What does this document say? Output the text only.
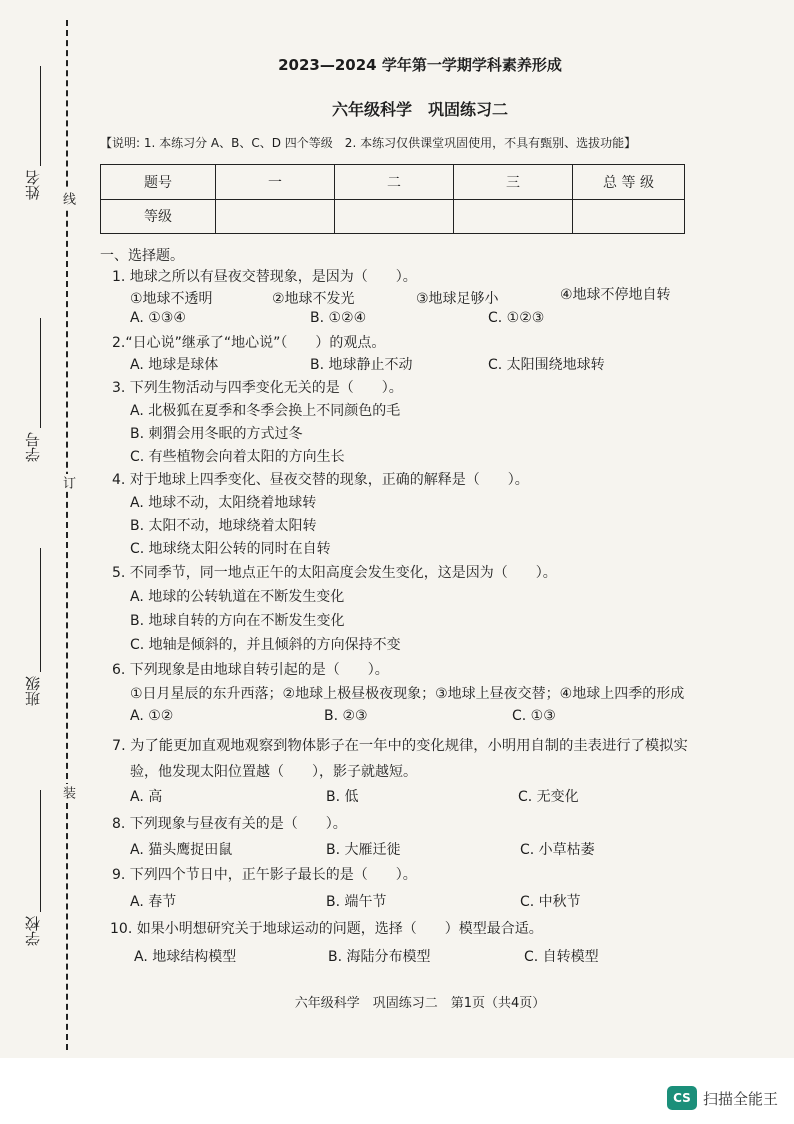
线
订
装
姓名
学号
班级
学校
2023—2024 学年第一学期学科素养形成
六年级科学　巩固练习二
【说明: 1. 本练习分 A、B、C、D 四个等级　2. 本练习仅供课堂巩固使用，不具有甄别、选拔功能】
题号	一	二	三	总 等 级
等级				
一、选择题。
1. 地球之所以有昼夜交替现象，是因为（　　）。
①地球不透明	②地球不发光	③地球足够小	④地球不停地自转
A. ①③④	B. ①②④	C. ①②③
2.“日心说”继承了“地心说”（　　）的观点。
A. 地球是球体	B. 地球静止不动	C. 太阳围绕地球转
3. 下列生物活动与四季变化无关的是（　　）。
A. 北极狐在夏季和冬季会换上不同颜色的毛
B. 刺猬会用冬眠的方式过冬
C. 有些植物会向着太阳的方向生长
4. 对于地球上四季变化、昼夜交替的现象，正确的解释是（　　）。
A. 地球不动，太阳绕着地球转
B. 太阳不动，地球绕着太阳转
C. 地球绕太阳公转的同时在自转
5. 不同季节，同一地点正午的太阳高度会发生变化，这是因为（　　）。
A. 地球的公转轨道在不断发生变化
B. 地球自转的方向在不断发生变化
C. 地轴是倾斜的，并且倾斜的方向保持不变
6. 下列现象是由地球自转引起的是（　　）。
①日月星辰的东升西落；②地球上极昼极夜现象；③地球上昼夜交替；④地球上四季的形成
A. ①②	B. ②③	C. ①③
7. 为了能更加直观地观察到物体影子在一年中的变化规律，小明用自制的圭表进行了模拟实
验，他发现太阳位置越（　　），影子就越短。
A. 高	B. 低	C. 无变化
8. 下列现象与昼夜有关的是（　　）。
A. 猫头鹰捉田鼠	B. 大雁迁徙	C. 小草枯萎
9. 下列四个节日中，正午影子最长的是（　　）。
A. 春节	B. 端午节	C. 中秋节
10. 如果小明想研究关于地球运动的问题，选择（　　）模型最合适。
A. 地球结构模型	B. 海陆分布模型	C. 自转模型
六年级科学　巩固练习二　第1页（共4页）
CS 扫描全能王
